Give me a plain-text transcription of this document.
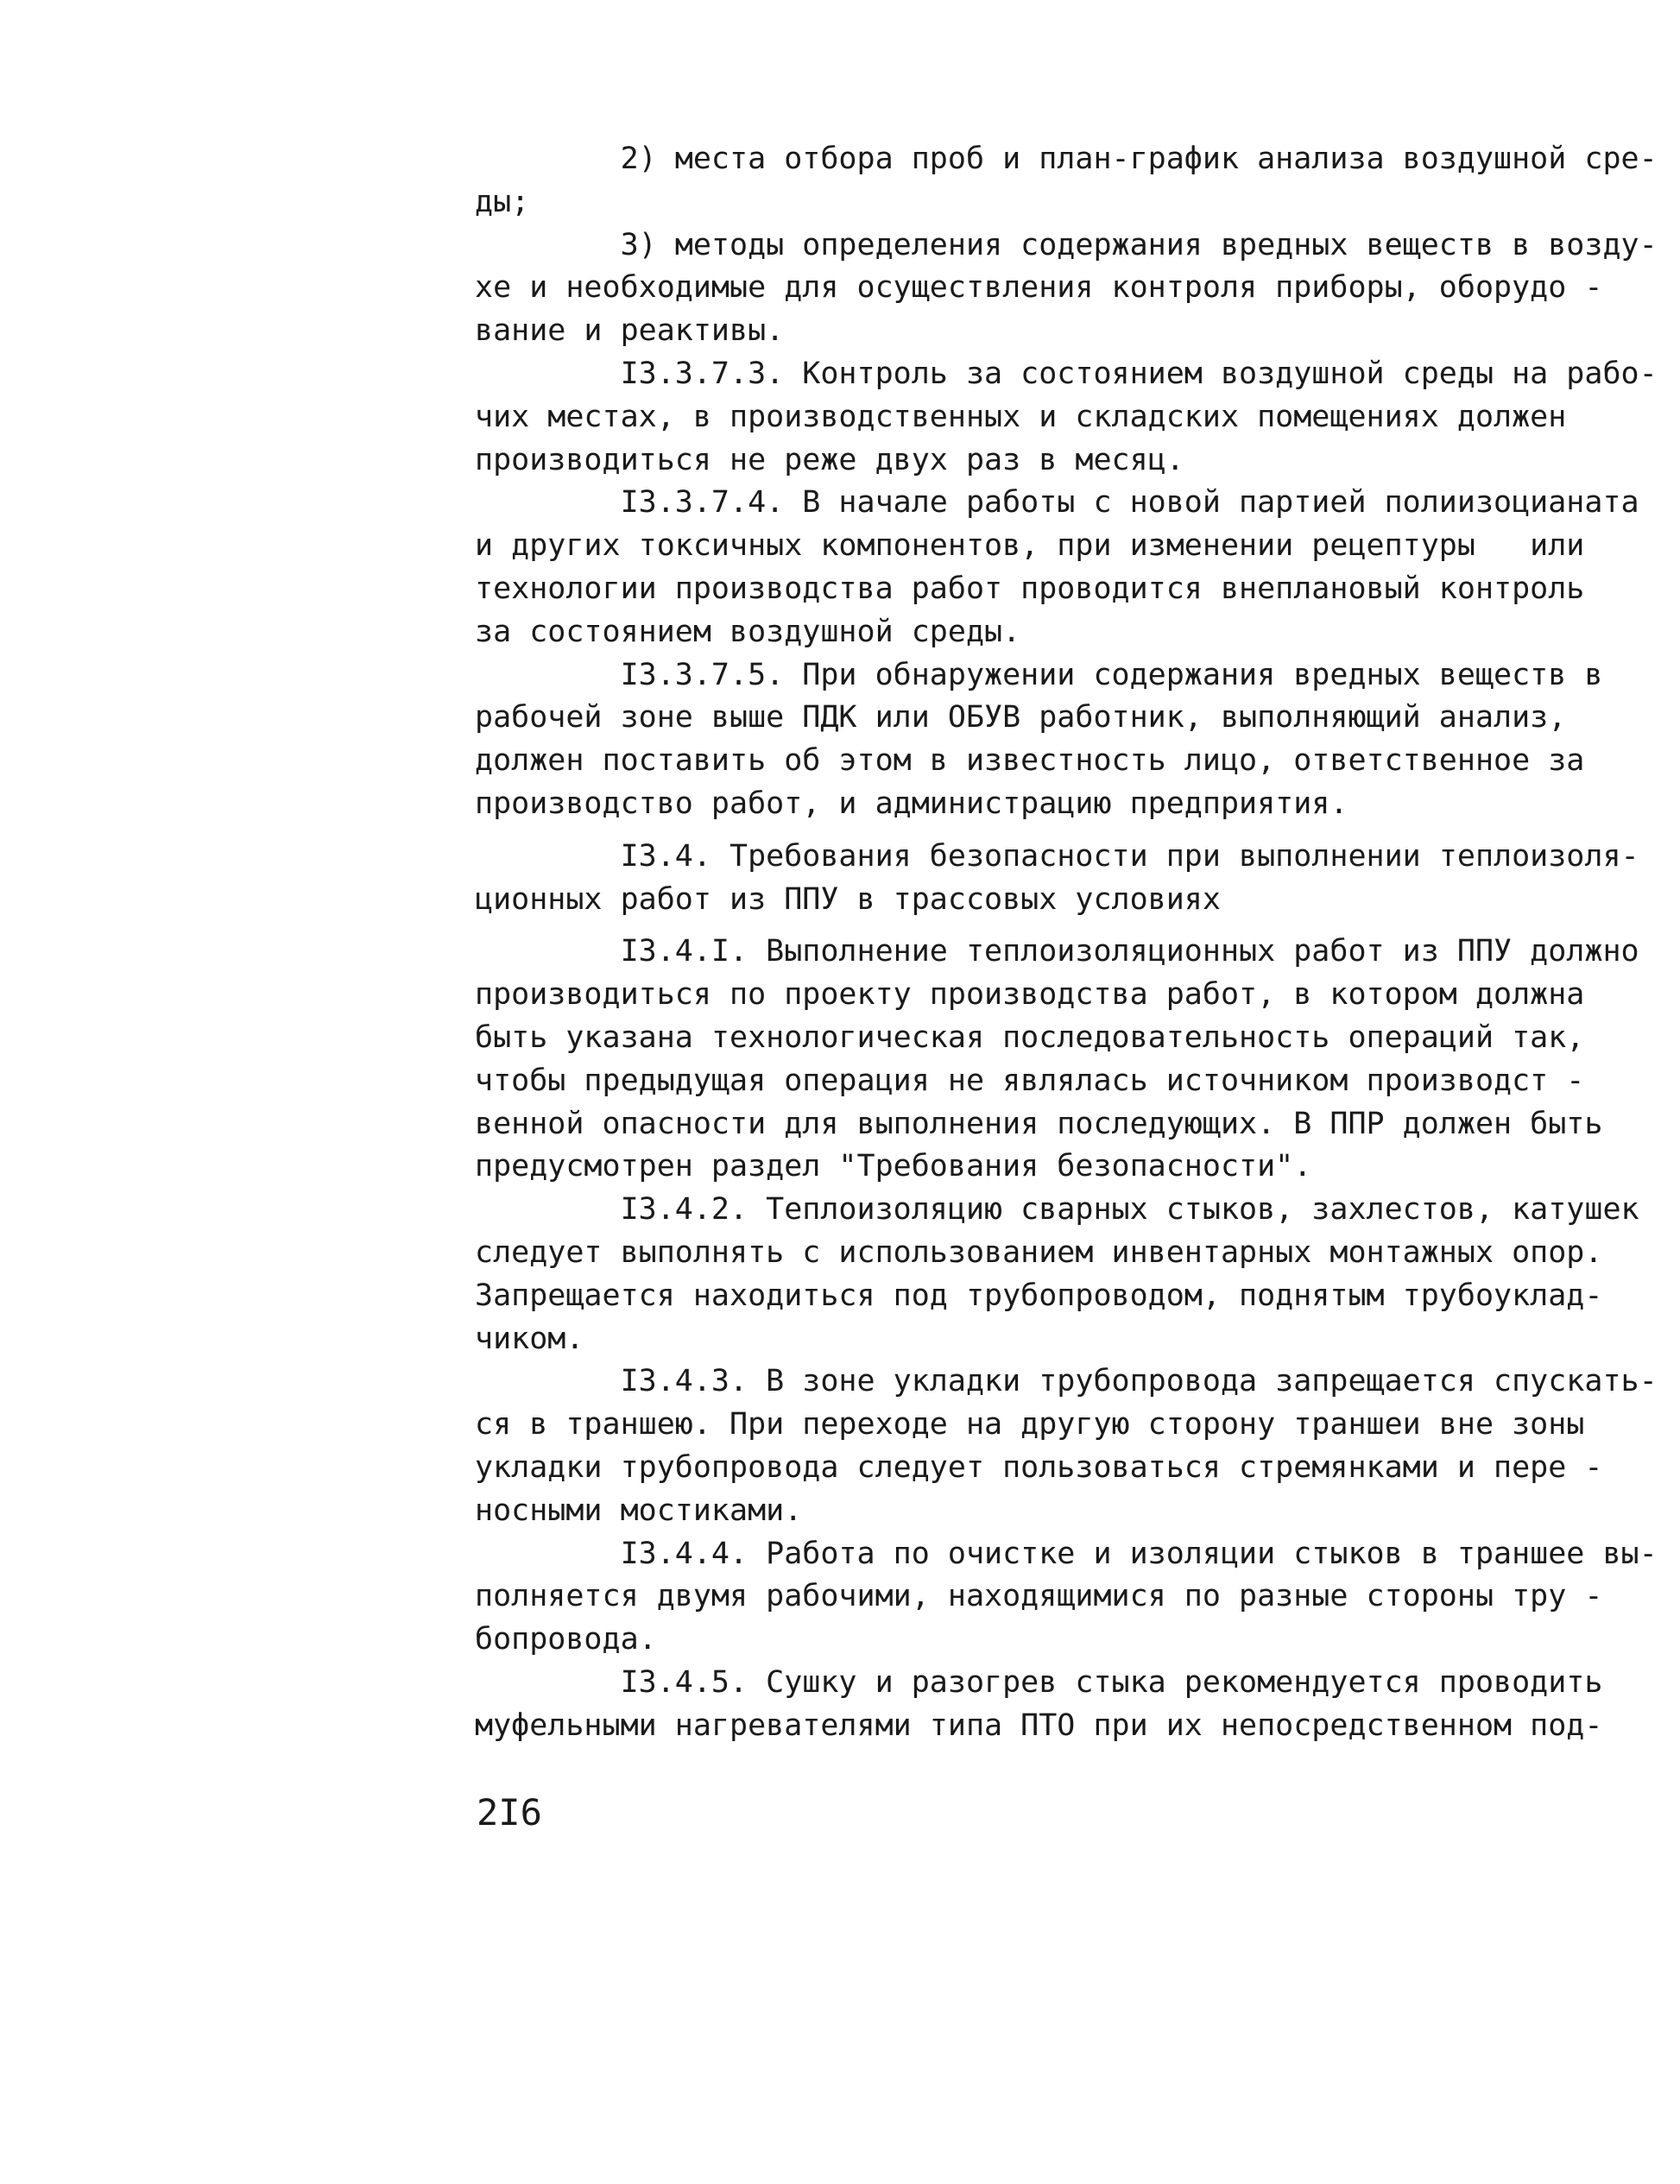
2) места отбора проб и план-график анализа воздушной сре-
ды;
3) методы определения содержания вредных веществ в возду-
хе и необходимые для осуществления контроля приборы, оборудо -
вание и реактивы.
I3.3.7.3. Контроль за состоянием воздушной среды на рабо-
чих местах, в производственных и складских помещениях должен
производиться не реже двух раз в месяц.
I3.3.7.4. В начале работы с новой партией полиизоцианата
и других токсичных компонентов, при изменении рецептуры   или
технологии производства работ проводится внеплановый контроль
за состоянием воздушной среды.
I3.3.7.5. При обнаружении содержания вредных веществ в
рабочей зоне выше ПДК или ОБУВ работник, выполняющий анализ,
должен поставить об этом в известность лицо, ответственное за
производство работ, и администрацию предприятия.
I3.4. Требования безопасности при выполнении теплоизоля-
ционных работ из ППУ в трассовых условиях
I3.4.I. Выполнение теплоизоляционных работ из ППУ должно
производиться по проекту производства работ, в котором должна
быть указана технологическая последовательность операций так,
чтобы предыдущая операция не являлась источником производст -
венной опасности для выполнения последующих. В ППР должен быть
предусмотрен раздел "Требования безопасности".
I3.4.2. Теплоизоляцию сварных стыков, захлестов, катушек
следует выполнять с использованием инвентарных монтажных опор.
Запрещается находиться под трубопроводом, поднятым трубоуклад-
чиком.
I3.4.3. В зоне укладки трубопровода запрещается спускать-
ся в траншею. При переходе на другую сторону траншеи вне зоны
укладки трубопровода следует пользоваться стремянками и пере -
носными мостиками.
I3.4.4. Работа по очистке и изоляции стыков в траншее вы-
полняется двумя рабочими, находящимися по разные стороны тру -
бопровода.
I3.4.5. Сушку и разогрев стыка рекомендуется проводить
муфельными нагревателями типа ПТО при их непосредственном под-
2I6
